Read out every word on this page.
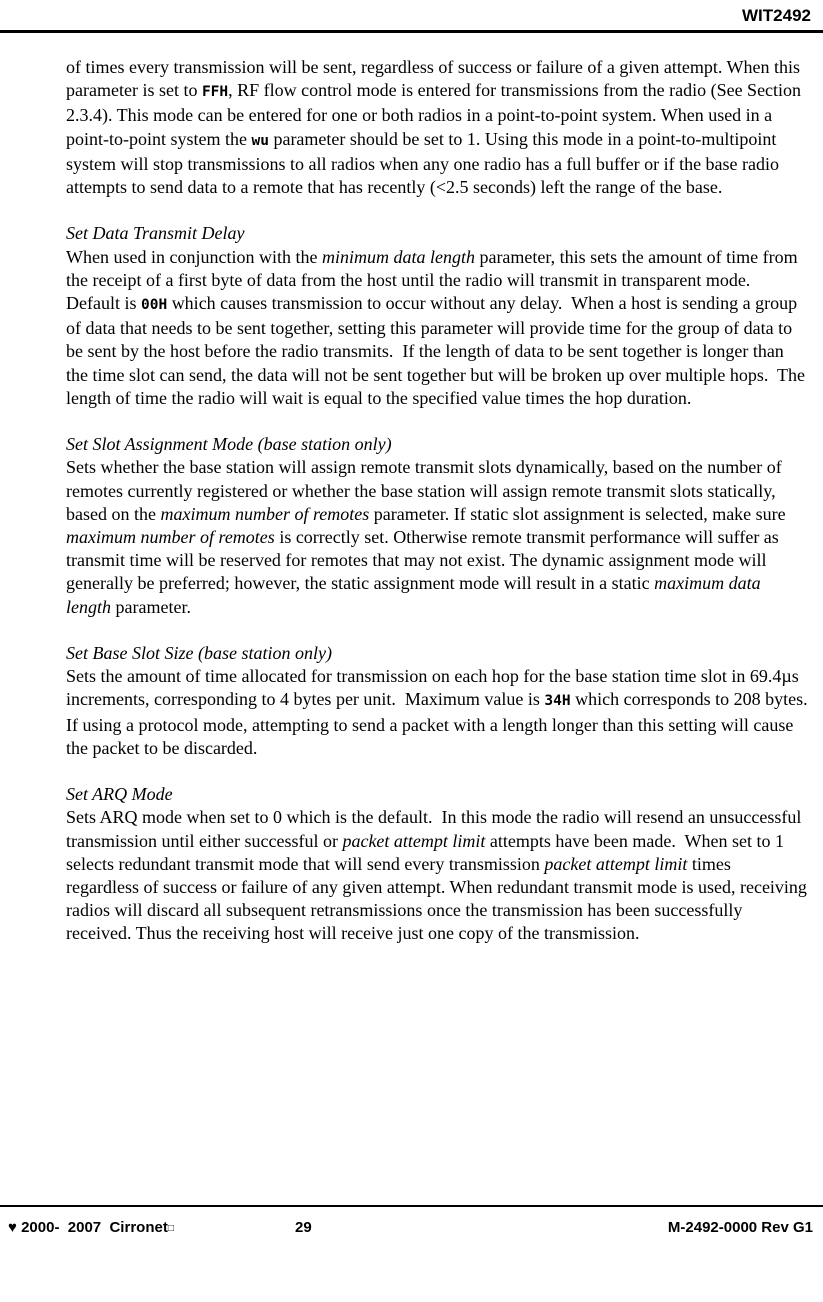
WIT2492

of times every transmission will be sent, regardless of success or failure of a given attempt. When this parameter is set to FFH, RF flow control mode is entered for transmissions from the radio (See Section 2.3.4). This mode can be entered for one or both radios in a point-to-point system. When used in a point-to-point system the wu parameter should be set to 1. Using this mode in a point-to-multipoint system will stop transmissions to all radios when any one radio has a full buffer or if the base radio attempts to send data to a remote that has recently (<2.5 seconds) left the range of the base.

Set Data Transmit Delay

When used in conjunction with the minimum data length parameter, this sets the amount of time from the receipt of a first byte of data from the host until the radio will transmit in transparent mode.  Default is 00H which causes transmission to occur without any delay.  When a host is sending a group of data that needs to be sent together, setting this parameter will provide time for the group of data to be sent by the host before the radio transmits.  If the length of data to be sent together is longer than the time slot can send, the data will not be sent together but will be broken up over multiple hops.  The length of time the radio will wait is equal to the specified value times the hop duration.

Set Slot Assignment Mode (base station only)

Sets whether the base station will assign remote transmit slots dynamically, based on the number of remotes currently registered or whether the base station will assign remote transmit slots statically, based on the maximum number of remotes parameter. If static slot assignment is selected, make sure maximum number of remotes is correctly set. Otherwise remote transmit performance will suffer as transmit time will be reserved for remotes that may not exist. The dynamic assignment mode will generally be preferred; however, the static assignment mode will result in a static maximum data length parameter.

Set Base Slot Size (base station only)

Sets the amount of time allocated for transmission on each hop for the base station time slot in 69.4µs increments, corresponding to 4 bytes per unit.  Maximum value is 34H which corresponds to 208 bytes. If using a protocol mode, attempting to send a packet with a length longer than this setting will cause the packet to be discarded.

Set ARQ Mode

Sets ARQ mode when set to 0 which is the default.  In this mode the radio will resend an unsuccessful transmission until either successful or packet attempt limit attempts have been made.  When set to 1 selects redundant transmit mode that will send every transmission packet attempt limit times regardless of success or failure of any given attempt. When redundant transmit mode is used, receiving radios will discard all subsequent retransmissions once the transmission has been successfully received. Thus the receiving host will receive just one copy of the transmission.

♥ 2000-  2007  Cirronet□

	29

	M-2492-0000 Rev G1
